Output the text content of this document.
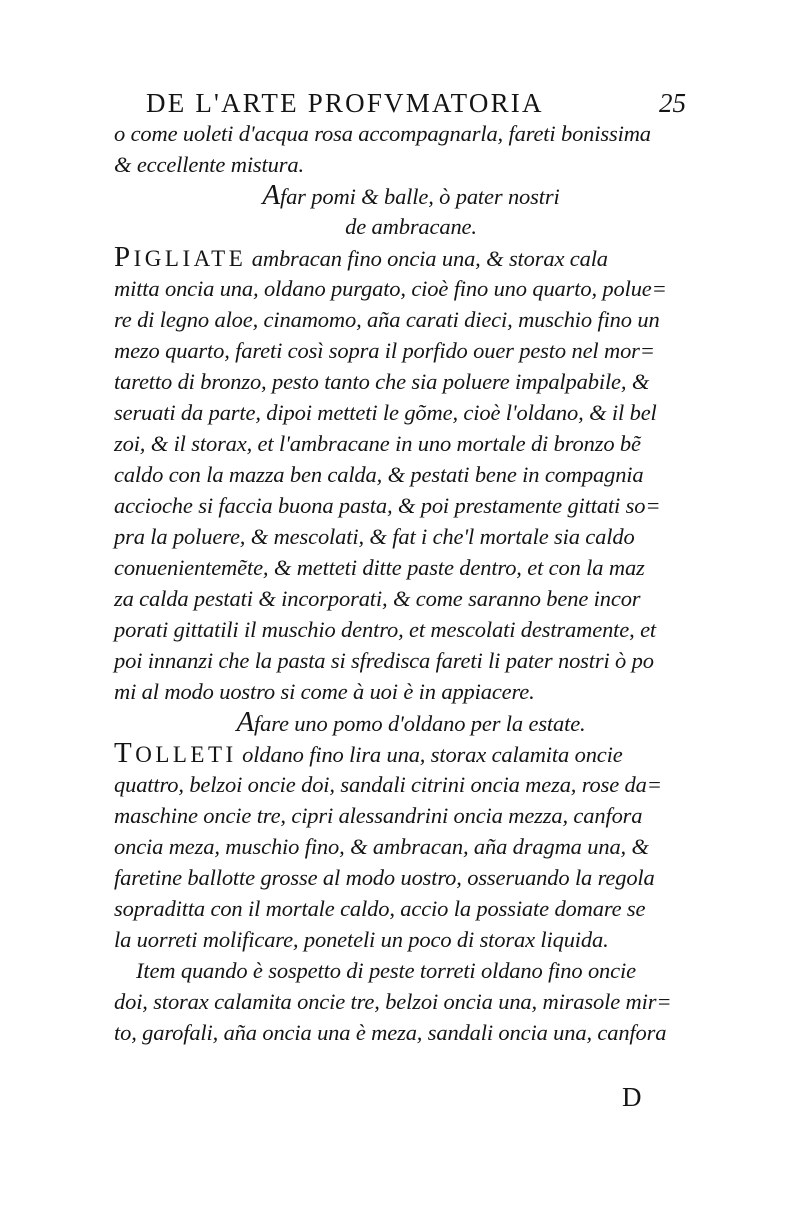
DE L'ARTE PROFVMATORIA	25
o come uoleti d'acqua rosa accompagnarla, fareti bonissima
& eccellente mistura.
Afar pomi & balle, ò pater nostri
de ambracane.
PIGLIATE ambracan fino oncia una, & storax cala
mitta oncia una, oldano purgato, cioè fino uno quarto, polue=
re di legno aloe, cinamomo, aña carati dieci, muschio fino un
mezo quarto, fareti così sopra il porfido ouer pesto nel mor=
taretto di bronzo, pesto tanto che sia poluere impalpabile, &
seruati da parte, dipoi metteti le gõme, cioè l'oldano, & il bel
zoi, & il storax, et l'ambracane in uno mortale di bronzo bẽ
caldo con la mazza ben calda, & pestati bene in compagnia
accioche si faccia buona pasta, & poi prestamente gittati so=
pra la poluere, & mescolati, & fat i che'l mortale sia caldo
conuenientemẽte, & metteti ditte paste dentro, et con la maz
za calda pestati & incorporati, & come saranno bene incor
porati gittatili il muschio dentro, et mescolati destramente, et
poi innanzi che la pasta si sfredisca fareti li pater nostri ò po
mi al modo uostro si come à uoi è in appiacere.
Afare uno pomo d'oldano per la estate.
TOLLETI oldano fino lira una, storax calamita oncie
quattro, belzoi oncie doi, sandali citrini oncia meza, rose da=
maschine oncie tre, cipri alessandrini oncia mezza, canfora
oncia meza, muschio fino, & ambracan, aña dragma una, &
faretine ballotte grosse al modo uostro, osseruando la regola
sopraditta con il mortale caldo, accio la possiate domare se
la uorreti molificare, poneteli un poco di storax liquida.
Item quando è sospetto di peste torreti oldano fino oncie
doi, storax calamita oncie tre, belzoi oncia una, mirasole mir=
to, garofali, aña oncia una è meza, sandali oncia una, canfora
D
